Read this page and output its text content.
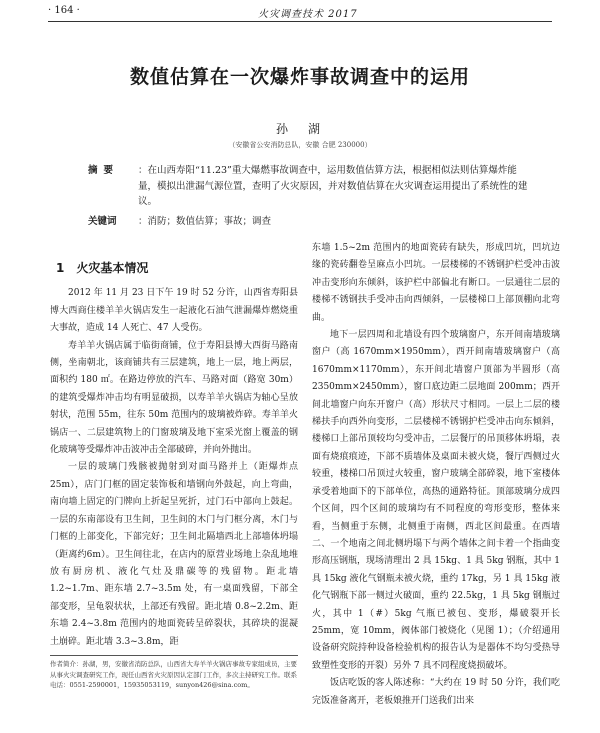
· 164 ·	火灾调查技术 2017
数值估算在一次爆炸事故调查中的运用
孙　湖
（安徽省公安消防总队，安徽 合肥 230000）
摘要 ：在山西寿阳“11.23”重大爆燃事故调查中，运用数值估算方法，根据相似法则估算爆炸能量，模拟出泄漏气源位置，查明了火灾原因，并对数值估算在火灾调查运用提出了系统性的建议。
关键词 ：消防；数值估算；事故；调查
1　火灾基本情况

2012 年 11 月 23 日下午 19 时 52 分许，山西省寿阳县博大西商住楼羊羊火锅店发生一起液化石油气泄漏爆炸燃烧重大事故，造成 14 人死亡、47 人受伤。

寿羊羊火锅店属于临街商铺，位于寿阳县博大西街马路南侧，坐南朝北，该商铺共有三层建筑，地上一层，地上两层，面积约 180 ㎡。在路边停放的汽车、马路对面（路宽 30m）的建筑受爆炸冲击均有明显破损，以寿羊羊火锅店为轴心呈放射状，范围 55m，往东 50m 范围内的玻璃被炸碎。寿羊羊火锅店一、二层建筑物上的门窗玻璃及地下室采光窗上覆盖的钢化玻璃等受爆炸冲击波冲击全部破碎，并向外抛出。

一层的玻璃门残骸被抛射到对面马路并上（距爆炸点 25m），店门门框的固定装饰板和墙钢向外鼓起，向上弯曲，南向墙上固定的门牌向上折起呈死折，过门石中部向上鼓起。一层的东南部设有卫生间，卫生间的木门与门框分离，木门与门框的上部变化，下部完好；卫生间北隔墙西北上部墙体坍塌（距离约6m）。卫生间往北，在店内的原营业场地上杂乱地堆放有厨房机、液化气灶及鼎碳等的残留物。距北墙 1.2~1.7m、距东墙 2.7~3.5m 处，有一桌面残留，下部全部变形，呈龟裂状状，上部还有残留。距北墙 0.8~2.2m、距东墙 2.4~3.8m 范围内的地面瓷砖呈碎裂状，其碎块的混凝土崩碎。距北墙 3.3~3.8m，距

东墙 1.5~2m 范围内的地面瓷砖有缺失，形成凹坑，凹坑边缘的瓷砖翻卷呈麻点小凹坑。一层楼梯的不锈钢护栏受冲击波冲击变形向东倾斜，该护栏中部偏北有断口。一层通往二层的楼梯不锈钢扶手受冲击向西倾斜，一层楼梯口上部顶棚向北弯曲。

地下一层四周和北墙设有四个玻璃窗户，东开间南墙玻璃窗户（高 1670mm×1950mm），西开间南墙玻璃窗户（高 1670mm×1170mm），东开间北墙窗户顶部为半圆形（高 2350mm×2450mm），窗口底边距二层地面 200mm；西开间北墙窗户向东开窗户（高）形状尺寸相同。一层上二层的楼梯扶手向西外向变形，二层楼梯不锈钢护栏受冲击向东倾斜，楼梯口上部吊顶较均匀受冲击，二层餐厅的吊顶移体坍塌，表面有烧痕痕迹，下部不质墙体及桌面未被火烧，餐厅西侧过火较重，楼梯口吊顶过火较重，窗户玻璃全部碎裂，地下室楼体承受着地面下的下部单位，高热的通路特征。顶部玻璃分成四个区间，四个区间的玻璃均有不同程度的弯形变形，整体来看，当侧重于东侧，北侧重于南侧，西北区间最重。在西墙二、一个地南之间北侧坍塌下与两个墙体之间卡着一个指曲变形高压钢瓶，现场清理出 2 具 15kg、1 具 5kg 钢瓶，其中 1 具 15kg 液化气钢瓶未被火烧，重约 17kg，另 1 具 15kg 液化气钢瓶下部一侧过火破面，重约 22.5kg，1 具 5kg 钢瓶过火，其中 1（#）5kg 气瓶已被包、变形，爆破裂开长 25mm，宽 10mm，阀体部门被烧化（见图 1）；（介绍通用设备研究院持种设备检验机构的报告认为是器体不均匀受热导致塑性变形的开裂）另外 7 具不同程度烧损破坏。

饭店吃饭的客人陈述称：“大约在 19 时 50 分许，我们吃完饭准备离开，老板娘推开门送我们出来

作者简介：孙湖，男，安徽省消防总队，山西省大寿羊羊火锅店事故专家组成员，主要从事火灾调查研究工作，现任山西省火灾原因认定部门工作，多次主持研究工作。联系电话：0551-2590001，15935053119，sunyon426@sina.com。
